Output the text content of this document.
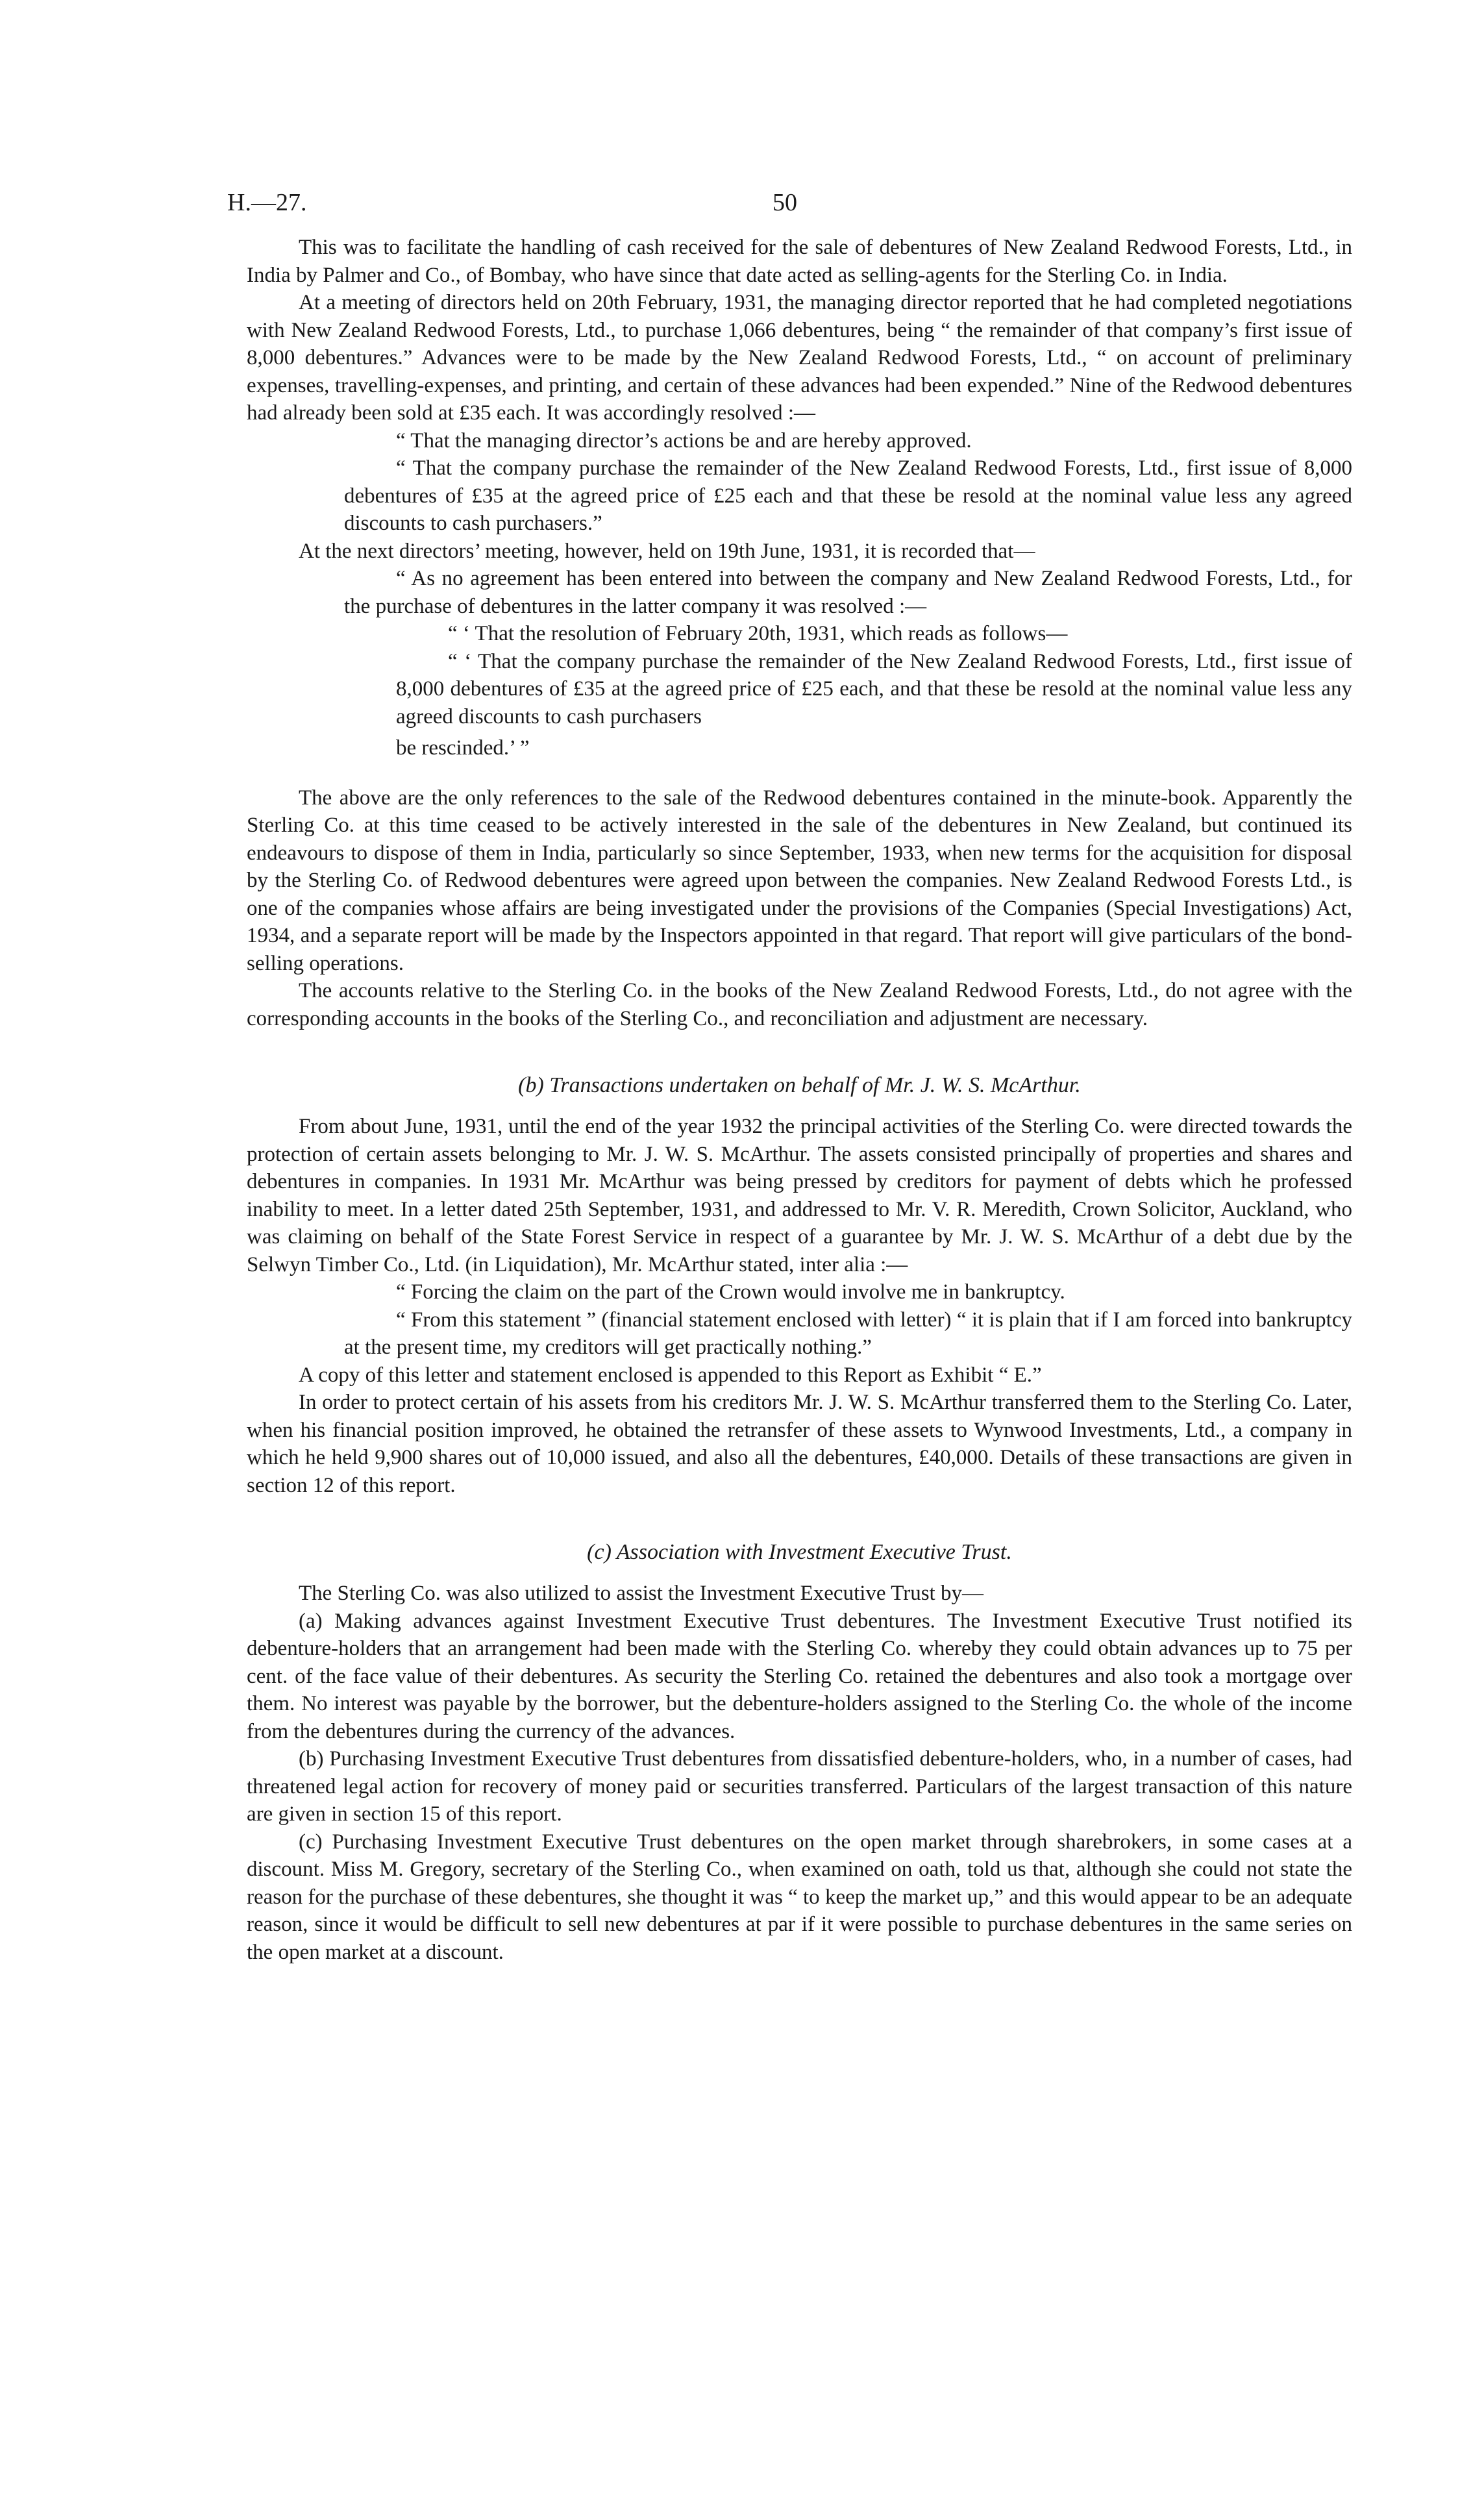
H.—27.	50

This was to facilitate the handling of cash received for the sale of debentures of New Zealand Redwood Forests, Ltd., in India by Palmer and Co., of Bombay, who have since that date acted as selling-agents for the Sterling Co. in India.

At a meeting of directors held on 20th February, 1931, the managing director reported that he had completed negotiations with New Zealand Redwood Forests, Ltd., to purchase 1,066 debentures, being “ the remainder of that company’s first issue of 8,000 debentures.” Advances were to be made by the New Zealand Redwood Forests, Ltd., “ on account of preliminary expenses, travelling-expenses, and printing, and certain of these advances had been expended.” Nine of the Redwood debentures had already been sold at £35 each. It was accordingly resolved :—

“ That the managing director’s actions be and are hereby approved.

“ That the company purchase the remainder of the New Zealand Redwood Forests, Ltd., first issue of 8,000 debentures of £35 at the agreed price of £25 each and that these be resold at the nominal value less any agreed discounts to cash purchasers.”

At the next directors’ meeting, however, held on 19th June, 1931, it is recorded that—

“ As no agreement has been entered into between the company and New Zealand Redwood Forests, Ltd., for the purchase of debentures in the latter company it was resolved :—

“ ‘ That the resolution of February 20th, 1931, which reads as follows—

“ ‘ That the company purchase the remainder of the New Zealand Redwood Forests, Ltd., first issue of 8,000 debentures of £35 at the agreed price of £25 each, and that these be resold at the nominal value less any agreed discounts to cash purchasers

be rescinded.’ ”

The above are the only references to the sale of the Redwood debentures contained in the minute-book. Apparently the Sterling Co. at this time ceased to be actively interested in the sale of the debentures in New Zealand, but continued its endeavours to dispose of them in India, particularly so since September, 1933, when new terms for the acquisition for disposal by the Sterling Co. of Redwood debentures were agreed upon between the companies. New Zealand Redwood Forests Ltd., is one of the companies whose affairs are being investigated under the provisions of the Companies (Special Investigations) Act, 1934, and a separate report will be made by the Inspectors appointed in that regard. That report will give particulars of the bond-selling operations.

The accounts relative to the Sterling Co. in the books of the New Zealand Redwood Forests, Ltd., do not agree with the corresponding accounts in the books of the Sterling Co., and reconciliation and adjustment are necessary.

(b) Transactions undertaken on behalf of Mr. J. W. S. McArthur.

From about June, 1931, until the end of the year 1932 the principal activities of the Sterling Co. were directed towards the protection of certain assets belonging to Mr. J. W. S. McArthur. The assets consisted principally of properties and shares and debentures in companies. In 1931 Mr. McArthur was being pressed by creditors for payment of debts which he professed inability to meet. In a letter dated 25th September, 1931, and addressed to Mr. V. R. Meredith, Crown Solicitor, Auckland, who was claiming on behalf of the State Forest Service in respect of a guarantee by Mr. J. W. S. McArthur of a debt due by the Selwyn Timber Co., Ltd. (in Liquidation), Mr. McArthur stated, inter alia :—

“ Forcing the claim on the part of the Crown would involve me in bankruptcy.

“ From this statement ” (financial statement enclosed with letter) “ it is plain that if I am forced into bankruptcy at the present time, my creditors will get practically nothing.”

A copy of this letter and statement enclosed is appended to this Report as Exhibit “ E.”

In order to protect certain of his assets from his creditors Mr. J. W. S. McArthur transferred them to the Sterling Co. Later, when his financial position improved, he obtained the retransfer of these assets to Wynwood Investments, Ltd., a company in which he held 9,900 shares out of 10,000 issued, and also all the debentures, £40,000. Details of these transactions are given in section 12 of this report.

(c) Association with Investment Executive Trust.

The Sterling Co. was also utilized to assist the Investment Executive Trust by—

(a) Making advances against Investment Executive Trust debentures. The Investment Executive Trust notified its debenture-holders that an arrangement had been made with the Sterling Co. whereby they could obtain advances up to 75 per cent. of the face value of their debentures. As security the Sterling Co. retained the debentures and also took a mortgage over them. No interest was payable by the borrower, but the debenture-holders assigned to the Sterling Co. the whole of the income from the debentures during the currency of the advances.

(b) Purchasing Investment Executive Trust debentures from dissatisfied debenture-holders, who, in a number of cases, had threatened legal action for recovery of money paid or securities transferred. Particulars of the largest transaction of this nature are given in section 15 of this report.

(c) Purchasing Investment Executive Trust debentures on the open market through sharebrokers, in some cases at a discount. Miss M. Gregory, secretary of the Sterling Co., when examined on oath, told us that, although she could not state the reason for the purchase of these debentures, she thought it was “ to keep the market up,” and this would appear to be an adequate reason, since it would be difficult to sell new debentures at par if it were possible to purchase debentures in the same series on the open market at a discount.
